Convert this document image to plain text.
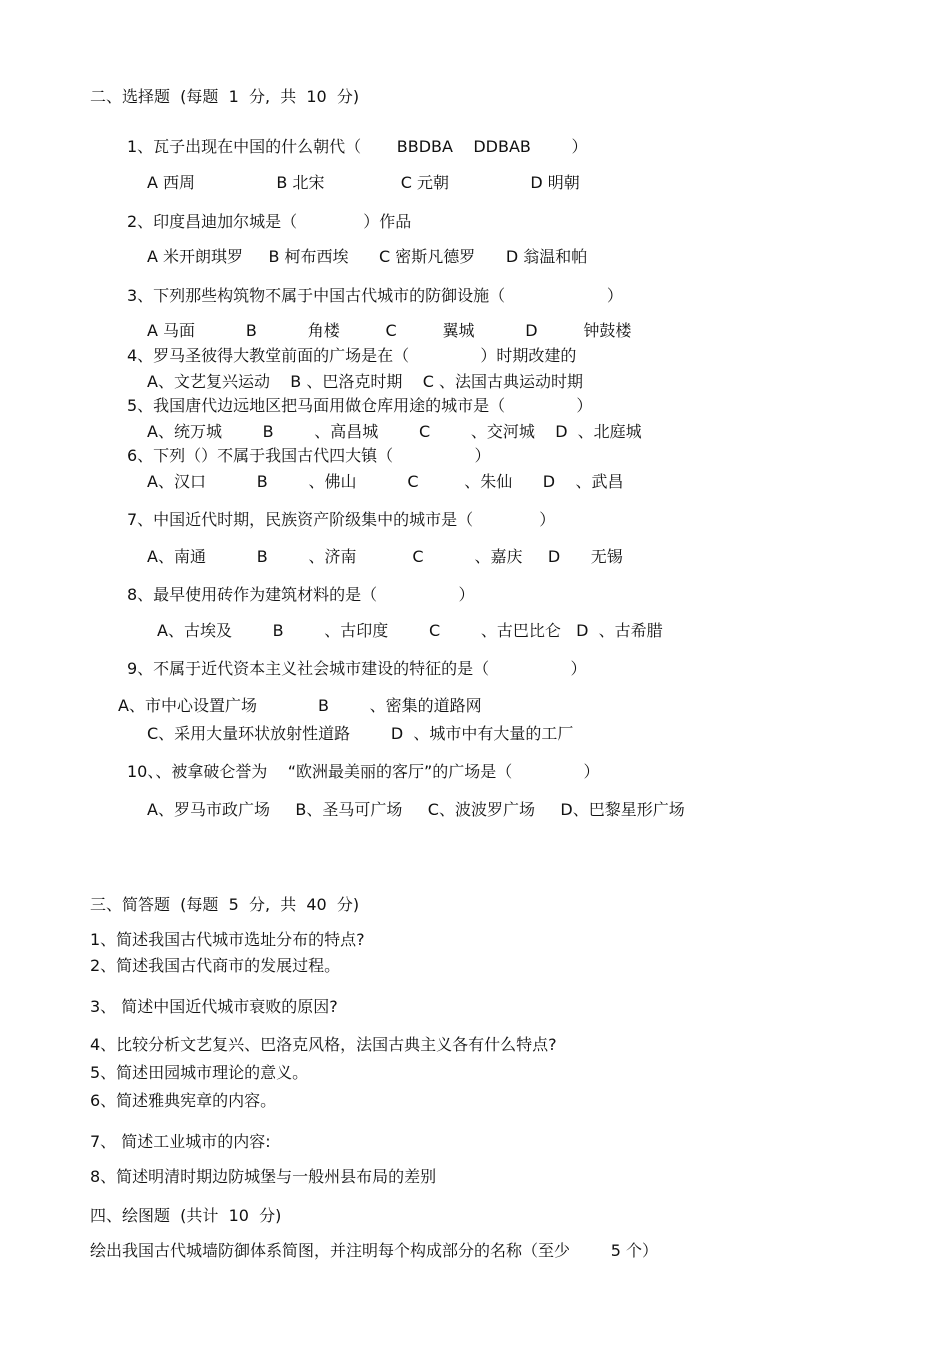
二、选择题  (每题  1  分,  共  10  分)
1、瓦子出现在中国的什么朝代（       BBDBA    DDBAB        ）
A 西周                B 北宋               C 元朝                D 明朝
2、印度昌迪加尔城是（             ）作品
A 米开朗琪罗     B 柯布西埃      C 密斯凡德罗      D 翁温和帕
3、下列那些构筑物不属于中国古代城市的防御设施（                    ）
A 马面          B          角楼         C         翼城          D         钟鼓楼
4、罗马圣彼得大教堂前面的广场是在（              ）时期改建的
A、文艺复兴运动    B 、巴洛克时期    C 、法国古典运动时期
5、我国唐代边远地区把马面用做仓库用途的城市是（              ）
A、统万城        B        、高昌城        C        、交河城    D  、北庭城
6、下列（）不属于我国古代四大镇（                ）
A、汉口          B        、佛山          C         、朱仙      D    、武昌
7、中国近代时期，民族资产阶级集中的城市是（             ）
A、南通          B        、济南           C          、嘉庆     D      无锡
8、最早使用砖作为建筑材料的是（                ）
A、古埃及        B        、古印度        C        、古巴比仑   D  、古希腊
9、不属于近代资本主义社会城市建设的特征的是（                ）
A、市中心设置广场            B        、密集的道路网
C、采用大量环状放射性道路        D  、城市中有大量的工厂
10、、被拿破仑誉为    “欧洲最美丽的客厅”的广场是（              ）
A、罗马市政广场     B、圣马可广场     C、波波罗广场     D、巴黎星形广场
三、简答题  (每题  5  分,  共  40  分)
1、简述我国古代城市选址分布的特点?
2、简述我国古代商市的发展过程。
3、 简述中国近代城市衰败的原因?
4、比较分析文艺复兴、巴洛克风格，法国古典主义各有什么特点?
5、简述田园城市理论的意义。
6、简述雅典宪章的内容。
7、 简述工业城市的内容:
8、简述明清时期边防城堡与一般州县布局的差别
四、绘图题  (共计  10  分)
绘出我国古代城墙防御体系简图，并注明每个构成部分的名称（至少        5 个）
